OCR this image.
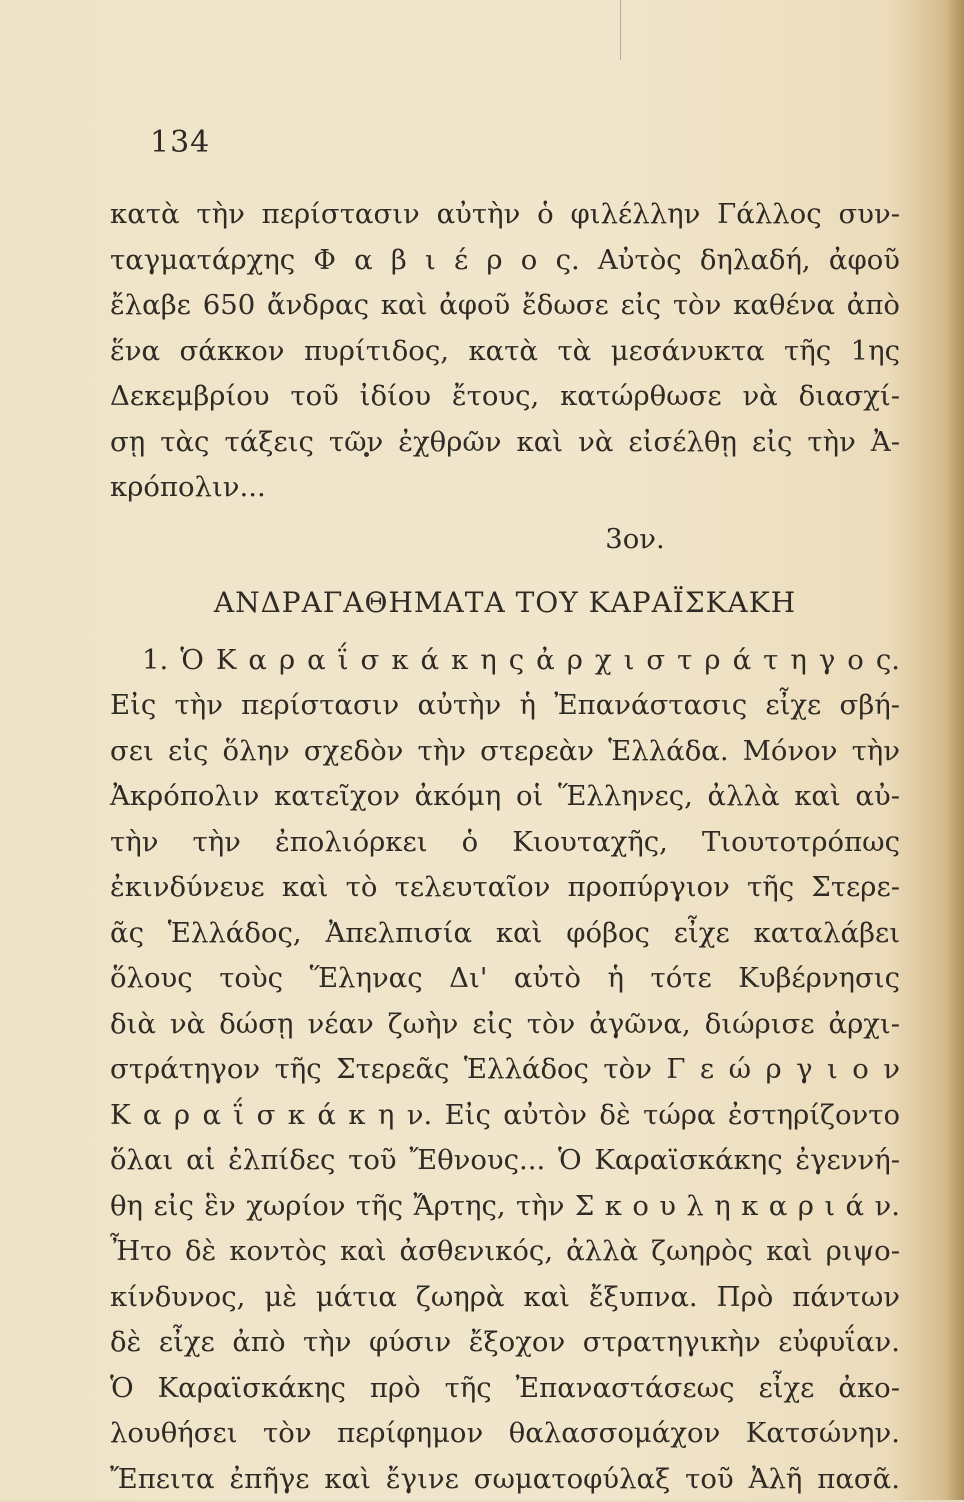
134
κατὰ τὴν περίστασιν αὐτὴν ὁ φιλέλλην Γάλλος συν-
ταγματάρχης Φ α β ι έ ρ ο ς. Αὐτὸς δηλαδή, ἀφοῦ
ἔλαβε 650 ἄνδρας καὶ ἀφοῦ ἔδωσε εἰς τὸν καθένα ἀπὸ
ἕνα σάκκον πυρίτιδος, κατὰ τὰ μεσάνυκτα τῆς 1ης
Δεκεμβρίου τοῦ ἰδίου ἔτους, κατώρθωσε νὰ διασχί-
σῃ τὰς τάξεις τῶν ἐχθρῶν καὶ νὰ εἰσέλθῃ εἰς τὴν Ἀ-
κρόπολιν...
3ον.
ΑΝΔΡΑΓΑΘΗΜΑΤΑ ΤΟΥ ΚΑΡΑΪΣΚΑΚΗ
1. Ὁ Κ α ρ α ΐ σ κ ά κ η ς ἀ ρ χ ι σ τ ρ ά τ η γ ο ς.
Εἰς τὴν περίστασιν αὐτὴν ἡ Ἐπανάστασις εἶχε σβή-
σει εἰς ὅλην σχεδὸν τὴν στερεὰν Ἑλλάδα. Μόνον τὴν
Ἀκρόπολιν κατεῖχον ἀκόμη οἱ Ἕλληνες, ἀλλὰ καὶ αὐ-
τὴν τὴν ἐπολιόρκει ὁ Κιουταχῆς, Τιουτοτρόπως
ἐκινδύνευε καὶ τὸ τελευταῖον προπύργιον τῆς Στερε-
ᾶς Ἑλλάδος, Ἀπελπισία καὶ φόβος εἶχε καταλάβει
ὅλους τοὺς Ἕληνας Δι' αὐτὸ ἡ τότε Κυβέρνησις
διὰ νὰ δώσῃ νέαν ζωὴν εἰς τὸν ἀγῶνα, διώρισε ἀρχι-
στράτηγον τῆς Στερεᾶς Ἑλλάδος τὸν Γ ε ώ ρ γ ι ο ν
Κ α ρ α ΐ σ κ ά κ η ν. Εἰς αὐτὸν δὲ τώρα ἐστηρίζοντο
ὅλαι αἱ ἐλπίδες τοῦ Ἔθνους... Ὁ Καραϊσκάκης ἐγεννή-
θη εἰς ἓν χωρίον τῆς Ἄρτης, τὴν Σ κ ο υ λ η κ α ρ ι ά ν.
Ἦτο δὲ κοντὸς καὶ ἀσθενικός, ἀλλὰ ζωηρὸς καὶ ριψο-
κίνδυνος, μὲ μάτια ζωηρὰ καὶ ἔξυπνα. Πρὸ πάντων
δὲ εἶχε ἀπὸ τὴν φύσιν ἔξοχον στρατηγικὴν εὐφυΐαν.
Ὁ Καραϊσκάκης πρὸ τῆς Ἐπαναστάσεως εἶχε ἀκο-
λουθήσει τὸν περίφημον θαλασσομάχον Κατσώνην.
Ἔπειτα ἐπῆγε καὶ ἔγινε σωματοφύλαξ τοῦ Ἀλῆ πασᾶ.
